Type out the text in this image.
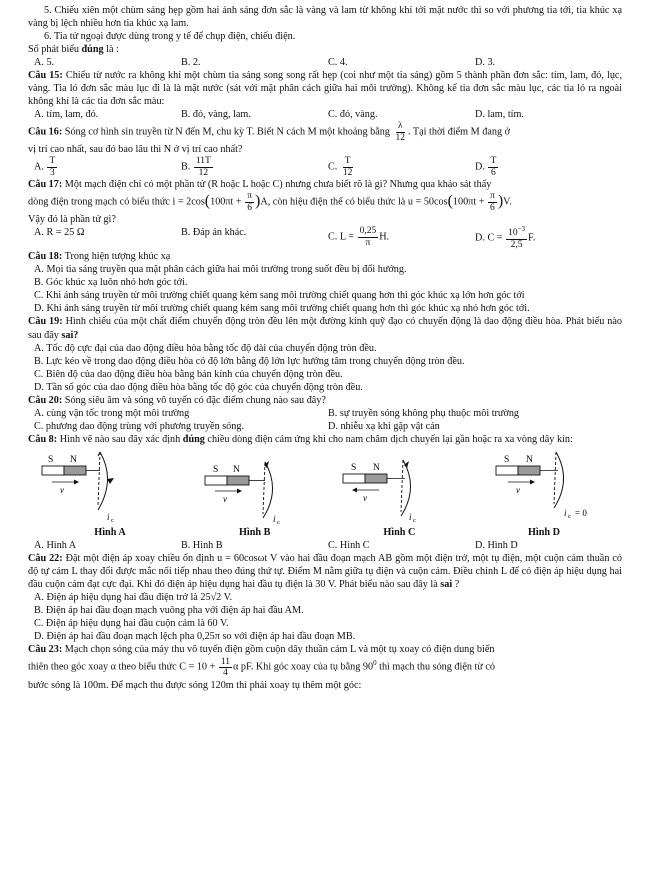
5. Chiếu xiên một chùm sáng hẹp gồm hai ánh sáng đơn sắc là vàng và lam từ không khí tới mặt nước thì so với phương tia tới, tia khúc xạ vàng bị lệch nhiều hơn tia khúc xạ lam.

6. Tia tử ngoại được dùng trong y tế để chụp điện, chiếu điện.

Số phát biểu đúng là :

A. 5.	B. 2.	C. 4.	D. 3.

Câu 15: Chiếu từ nước ra không khí một chùm tia sáng song song rất hẹp (coi như một tia sáng) gồm 5 thành phần đơn sắc: tím, lam, đỏ, lục, vàng. Tia ló đơn sắc màu lục đi là là mặt nước (sát với mặt phân cách giữa hai môi trường). Không kể tia đơn sắc màu lục, các tia ló ra ngoài không khí là các tia đơn sắc màu:

A. tím, lam, đỏ.	B. đỏ, vàng, lam.	C. đỏ, vàng.	D. lam, tím.

Câu 16: Sóng cơ hình sin truyền từ N đến M, chu kỳ T. Biết N cách M một khoảng bằng $\frac{\lambda}{12}$ . Tại thời điểm M đang ở

vị trí cao nhất, sau đó bao lâu thì N ở vị trí cao nhất?

A. $\frac{T}{3}$	B. $\frac{11T}{12}$	C. $\frac{T}{12}$	D. $\frac{T}{6}$

Câu 17: Một mạch điện chỉ có một phần tử (R hoặc L hoặc C) nhưng chưa biết rõ là gì? Nhưng qua khảo sát thấy

dòng điện trong mạch có biểu thức $i = 2\cos(100\pi t + \frac{\pi}{6} )A$, còn hiệu điện thế có biểu thức là $u = 50\cos(100\pi t + \frac{\pi}{6} )V$.

Vậy đó là phần tử gì?

A. R = 25 Ω	B. Đáp án khác.	C. $L = \frac{0,25}{\pi} H$.	D. $C = \frac{10^{-3}}{2,5} F$.

Câu 18: Trong hiện tượng khúc xạ

A. Mọi tia sáng truyền qua mặt phân cách giữa hai môi trường trong suốt đều bị đổi hướng.

B. Góc khúc xạ luôn nhỏ hơn góc tới.

C. Khi ánh sáng truyền từ môi trường chiết quang kém sang môi trường chiết quang hơn thì góc khúc xạ lớn hơn góc tới

D. Khi ánh sáng truyền từ môi trường chiết quang kém sang môi trường chiết quang hơn thì góc khúc xạ nhỏ hơn góc tới.

Câu 19: Hình chiếu của một chất điểm chuyển động tròn đều lên một đường kính quỹ đạo có chuyển động là dao động điều hòa. Phát biểu nào sau đây sai?

A. Tốc độ cực đại của dao động điều hòa bằng tốc độ dài của chuyển động tròn đều.

B. Lực kéo về trong dao động điều hòa có độ lớn bằng độ lớn lực hướng tâm trong chuyển động tròn đều.

C. Biên độ của dao động điều hòa bằng bán kính của chuyển động tròn đều.

D. Tần số góc của dao động điều hòa bằng tốc độ góc của chuyển động tròn đều.

Câu 20: Sóng siêu âm và sóng vô tuyến có đặc điểm chung nào sau đây?

A. cùng vận tốc trong một môi trường	B. sự truyền sóng không phụ thuộc môi trường
C. phương dao động trùng với phương truyền sóng.	D. nhiễu xạ khi gặp vật cản

Câu 8: Hình vẽ nào sau đây xác định đúng chiều dòng điện cảm ứng khi cho nam châm dịch chuyển lại gần hoặc ra xa vòng dây kín:

S N
v
i c
Hình A
S N
v
i c
Hình B
S N
v
i c
Hình C
S N
v
i c = 0
Hình D
A. Hình A	B. Hình B	C. Hình C	D. Hình D

Câu 22: Đặt một điện áp xoay chiều ổn định u = 60cosωt V vào hai đầu đoạn mạch AB gồm một điện trở, một tụ điện, một cuộn cảm thuần có độ tự cảm L thay đổi được mắc nối tiếp nhau theo đúng thứ tự. Điểm M nằm giữa tụ điện và cuộn cảm. Điều chỉnh L để có điện áp hiệu dụng hai đầu cuộn cảm đạt cực đại. Khi đó điện áp hiệu dụng hai đầu tụ điện là 30 V. Phát biểu nào sau đây là sai ?

A. Điện áp hiệu dụng hai đầu điện trở là 25√2 V.

B. Điện áp hai đầu đoạn mạch vuông pha với điện áp hai đầu AM.

C. Điện áp hiệu dụng hai đầu cuộn cảm là 60 V.

D. Điện áp hai đầu đoạn mạch lệch pha 0,25π so với điện áp hai đầu đoạn MB.

Câu 23: Mạch chọn sóng của máy thu vô tuyến điện gồm cuộn dây thuần cảm L và một tụ xoay có điện dung biến

thiên theo góc xoay α theo biểu thức $C = 10 + \frac{11}{4}$ α pF. Khi góc xoay của tụ bằng $90^0$ thì mạch thu sóng điện từ có

bước sóng là 100m. Để mạch thu được sóng 120m thì phải xoay tụ thêm một góc:
